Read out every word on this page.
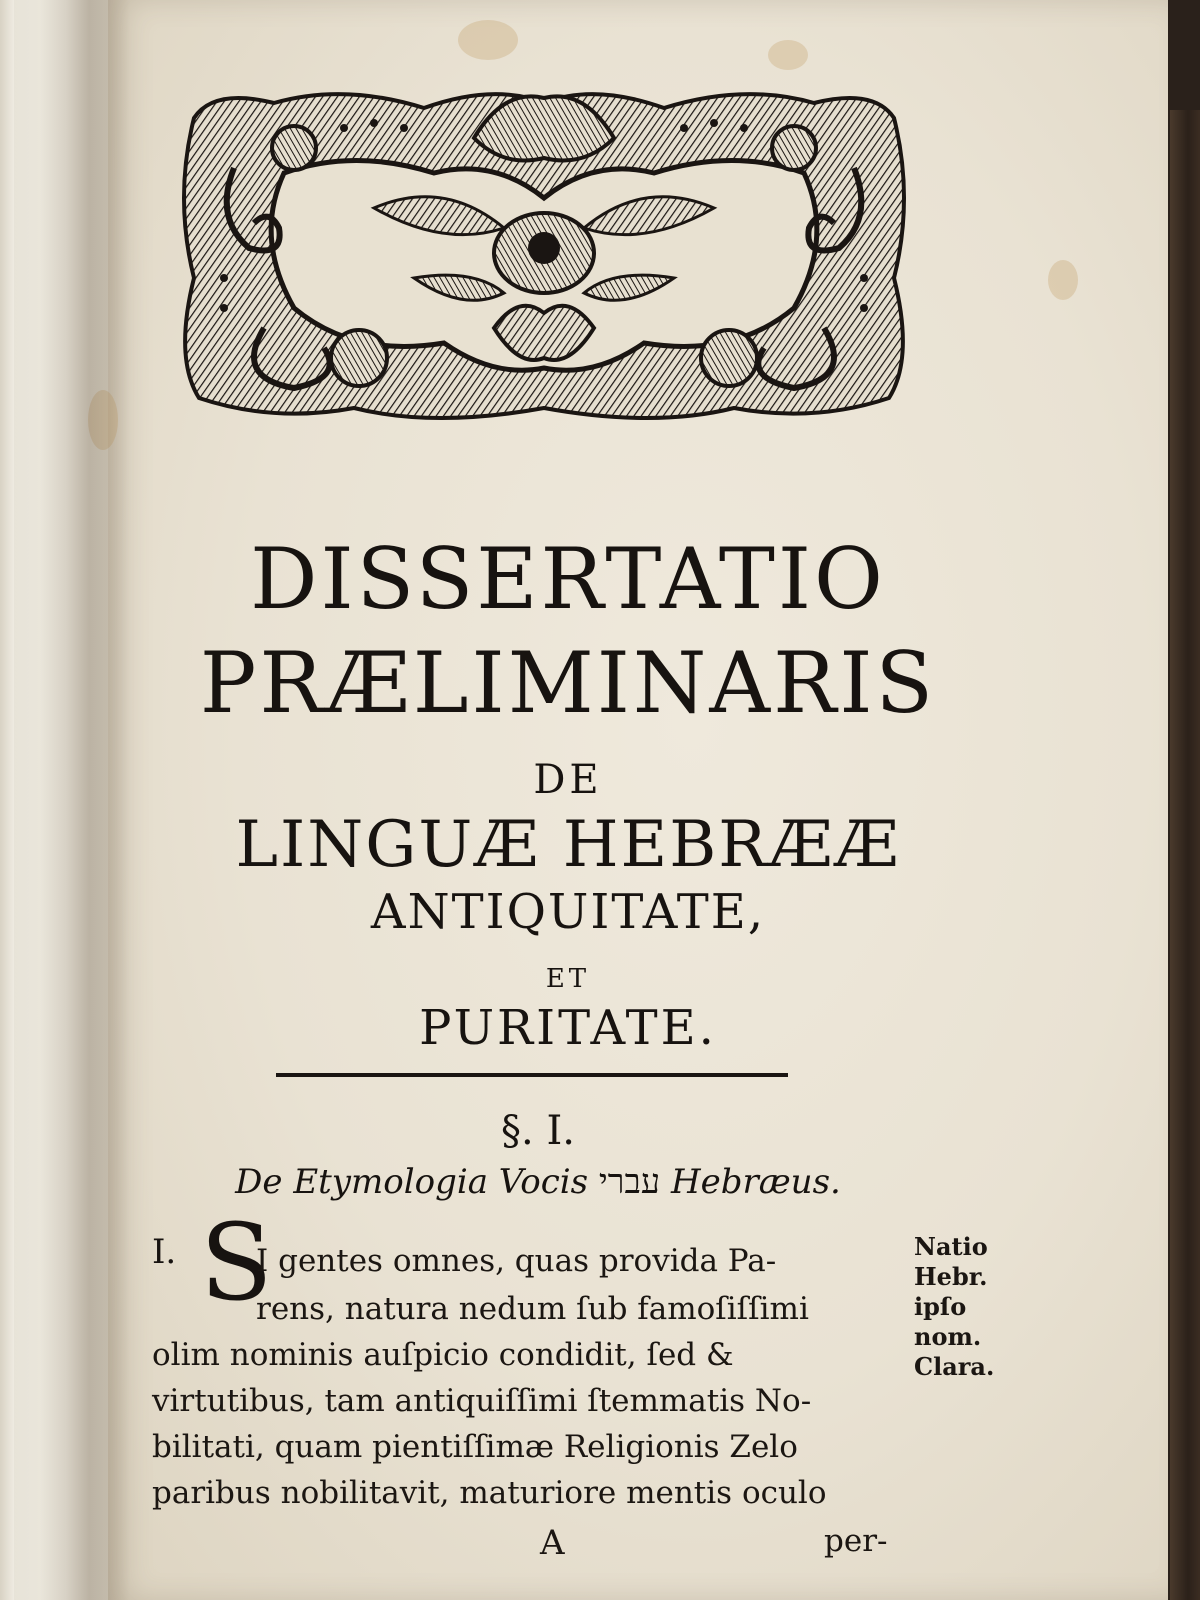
DISSERTATIO
PRÆLIMINARIS
DE
LINGUÆ HEBRÆÆ
ANTIQUITATE,
ET
PURITATE.
§. I.
De Etymologia Vocis עברי Hebræus.
I. S
I gentes omnes, quas provida Pa-
rens, natura nedum ſub famoſiſſimi
olim nominis auſpicio condidit, ſed &
virtutibus, tam antiquiſſimi ſtemmatis No-
bilitati, quam pientiſſimæ Religionis Zelo
paribus nobilitavit, maturiore mentis oculo
A	per-
Natio
Hebr.
ipſo
nom.
Clara.
